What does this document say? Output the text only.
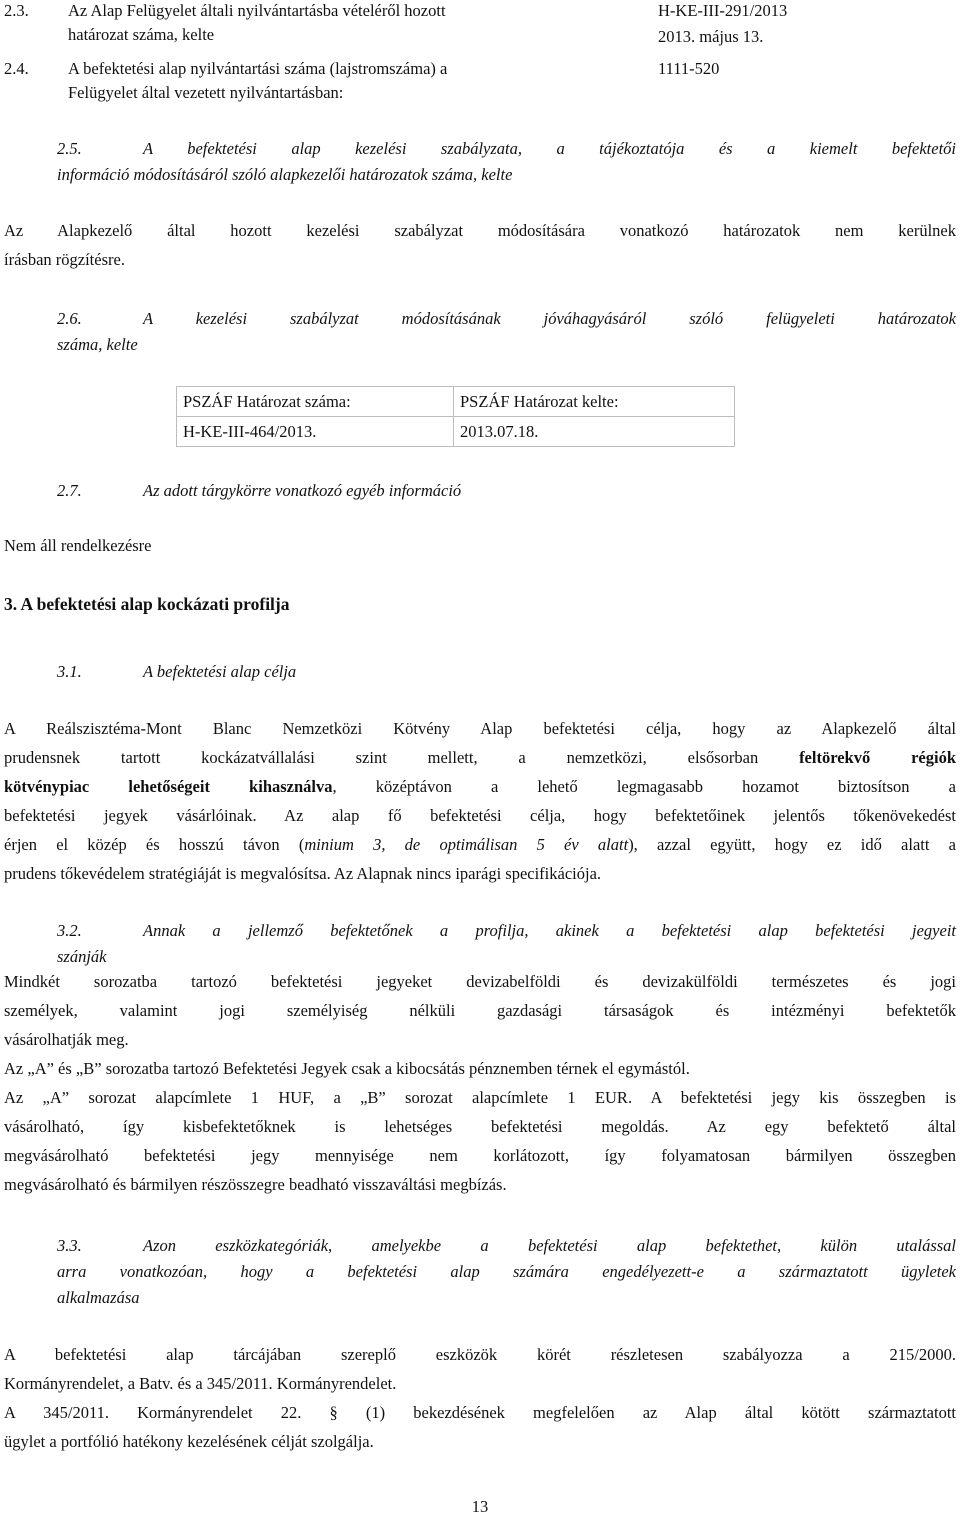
2.3. Az Alap Felügyelet általi nyilvántartásba vételéről hozott
határozat száma, kelte
H-KE-III-291/2013
2013. május 13.
2.4. A befektetési alap nyilvántartási száma (lajstromszáma) a
Felügyelet által vezetett nyilvántartásban:
1111-520
2.5.	A befektetési alap kezelési szabályzata, a tájékoztatója és a kiemelt befektetői
információ módosításáról szóló alapkezelői határozatok száma, kelte
Az Alapkezelő által hozott kezelési szabályzat módosítására vonatkozó határozatok nem kerülnek
írásban rögzítésre.
2.6.	A kezelési szabályzat módosításának jóváhagyásáról szóló felügyeleti határozatok
száma, kelte
PSZÁF Határozat száma:	PSZÁF Határozat kelte:
H-KE-III-464/2013.	2013.07.18.
2.7.	Az adott tárgykörre vonatkozó egyéb információ
Nem áll rendelkezésre
3. A befektetési alap kockázati profilja
3.1.	A befektetési alap célja
A Reálszisztéma-Mont Blanc Nemzetközi Kötvény Alap befektetési célja, hogy az Alapkezelő által
prudensnek tartott kockázatvállalási szint mellett, a nemzetközi, elsősorban feltörekvő régiók
kötvénypiac lehetőségeit kihasználva, középtávon a lehető legmagasabb hozamot biztosítson a
befektetési jegyek vásárlóinak. Az alap fő befektetési célja, hogy befektetőinek jelentős tőkenövekedést
érjen el közép és hosszú távon (minium 3, de optimálisan 5 év alatt), azzal együtt, hogy ez idő alatt a
prudens tőkevédelem stratégiáját is megvalósítsa. Az Alapnak nincs iparági specifikációja.
3.2.	Annak a jellemző befektetőnek a profilja, akinek a befektetési alap befektetési jegyeit
szánják
Mindkét sorozatba tartozó befektetési jegyeket devizabelföldi és devizakülföldi természetes és jogi
személyek, valamint jogi személyiség nélküli gazdasági társaságok és intézményi befektetők
vásárolhatják meg.
Az „A” és „B” sorozatba tartozó Befektetési Jegyek csak a kibocsátás pénznemben térnek el egymástól.
Az „A” sorozat alapcímlete 1 HUF, a „B” sorozat alapcímlete 1 EUR. A befektetési jegy kis összegben is
vásárolható, így kisbefektetőknek is lehetséges befektetési megoldás. Az egy befektető által
megvásárolható befektetési jegy mennyisége nem korlátozott, így folyamatosan bármilyen összegben
megvásárolható és bármilyen részösszegre beadható visszaváltási megbízás.
3.3.	Azon eszközkategóriák, amelyekbe a befektetési alap befektethet, külön utalással
arra vonatkozóan, hogy a befektetési alap számára engedélyezett-e a származtatott ügyletek
alkalmazása
A befektetési alap tárcájában szereplő eszközök körét részletesen szabályozza a 215/2000.
Kormányrendelet, a Batv. és a 345/2011. Kormányrendelet.
A 345/2011. Kormányrendelet 22. § (1) bekezdésének megfelelően az Alap által kötött származtatott
ügylet a portfólió hatékony kezelésének célját szolgálja.
13
